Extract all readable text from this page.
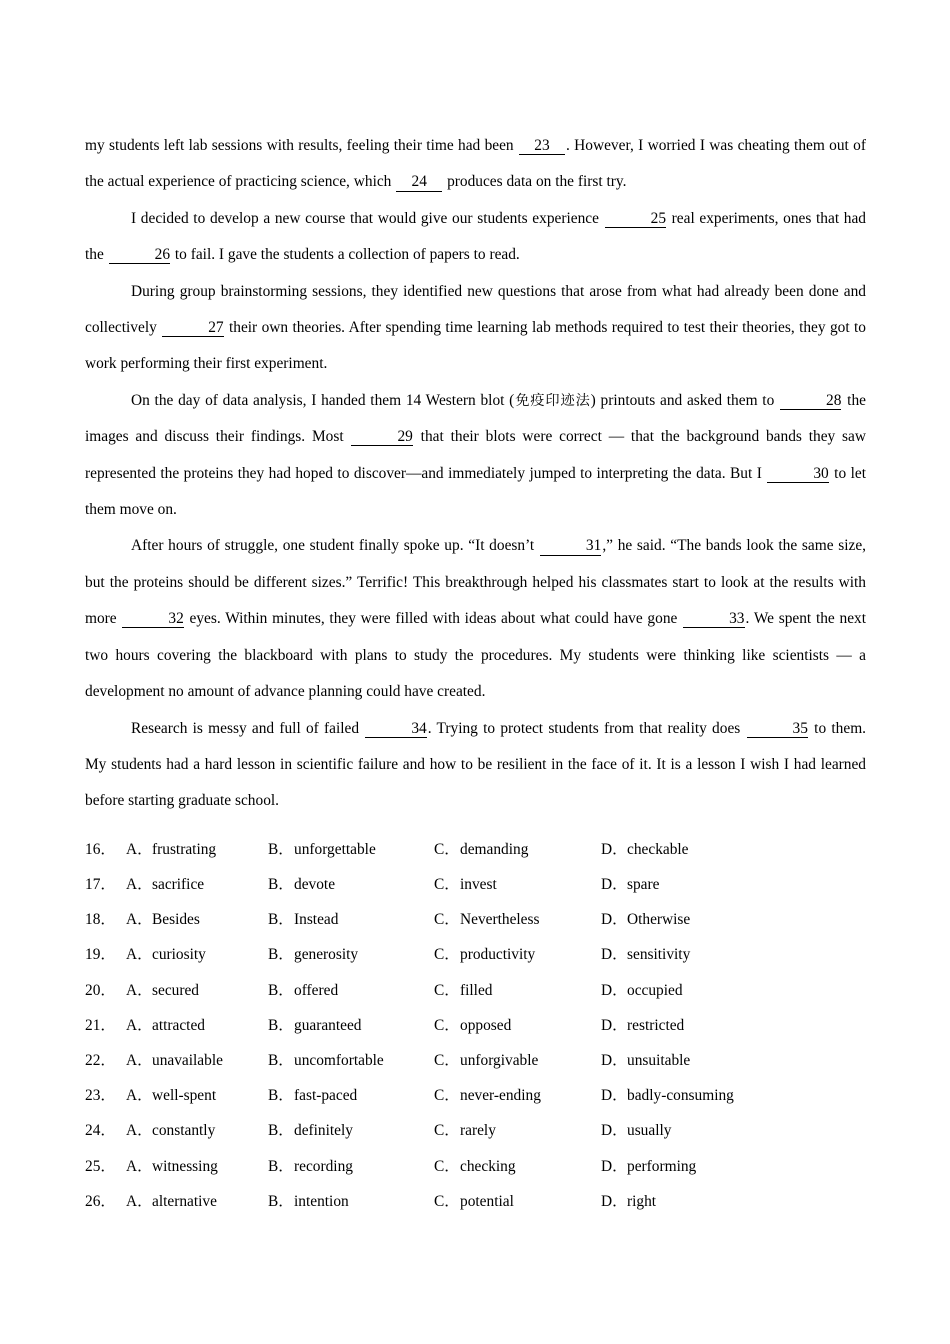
my students left lab sessions with results, feeling their time had been 23 . However, I worried I was cheating them out of the actual experience of practicing science, which 24 produces data on the first try.

I decided to develop a new course that would give our students experience	25 real experiments, ones that had the	26 to fail. I gave the students a collection of papers to read.

During group brainstorming sessions, they identified new questions that arose from what had already been done and collectively	27 their own theories. After spending time learning lab methods required to test their theories, they got to work performing their first experiment.

On the day of data analysis, I handed them 14 Western blot (免疫印迹法) printouts and asked them to	28 the images and discuss their findings. Most	29 that their blots were correct — that the background bands they saw represented the proteins they had hoped to discover—and immediately jumped to interpreting the data. But I	30 to let them move on.

After hours of struggle, one student finally spoke up. “It doesn’t	31,” he said. “The bands look the same size, but the proteins should be different sizes.” Terrific! This breakthrough helped his classmates start to look at the results with more	32 eyes. Within minutes, they were filled with ideas about what could have gone	33. We spent the next two hours covering the blackboard with plans to study the procedures. My students were thinking like scientists — a development no amount of advance planning could have created.

Research is messy and full of failed	34. Trying to protect students from that reality does	35 to them. My students had a hard lesson in scientific failure and how to be resilient in the face of it. It is a lesson I wish I had learned before starting graduate school.

16． A．frustrating	B．unforgettable	C．demanding	D．checkable
17． A．sacrifice	B．devote	C．invest	D．spare
18． A．Besides	B．Instead	C．Nevertheless	D．Otherwise
19． A．curiosity	B．generosity	C．productivity	D．sensitivity
20． A．secured	B．offered	C．filled	D．occupied
21． A．attracted	B．guaranteed	C．opposed	D．restricted
22． A．unavailable	B．uncomfortable	C．unforgivable	D．unsuitable
23． A．well-spent	B．fast-paced	C．never-ending	D．badly-consuming
24． A．constantly	B．definitely	C．rarely	D．usually
25． A．witnessing	B．recording	C．checking	D．performing
26． A．alternative	B．intention	C．potential	D．right
